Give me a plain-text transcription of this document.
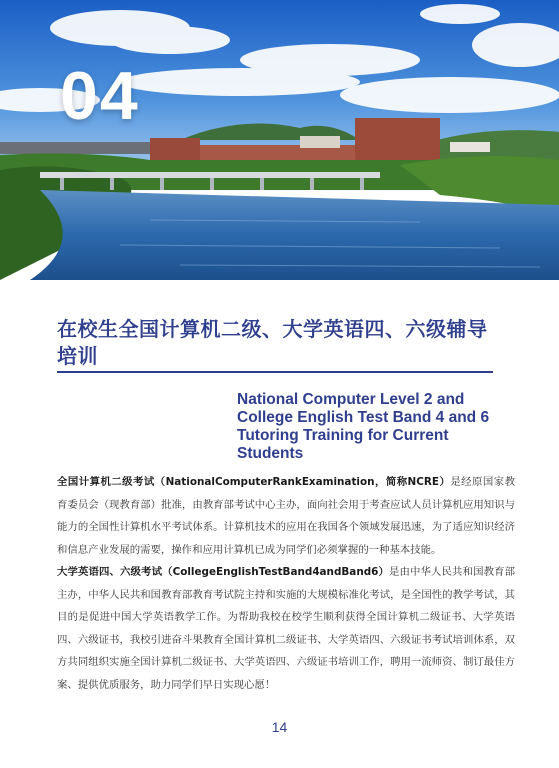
04
在校生全国计算机二级、大学英语四、六级辅导培训
National Computer Level 2 and College English Test Band 4 and 6 Tutoring Training for Current Students

全国计算机二级考试（NationalComputerRankExamination，简称NCRE）是经原国家教育委员会（现教育部）批准，由教育部考试中心主办，面向社会用于考查应试人员计算机应用知识与能力的全国性计算机水平考试体系。计算机技术的应用在我国各个领域发展迅速，为了适应知识经济和信息产业发展的需要，操作和应用计算机已成为同学们必须掌握的一种基本技能。

大学英语四、六级考试（CollegeEnglishTestBand4andBand6）是由中华人民共和国教育部主办，中华人民共和国教育部教育考试院主持和实施的大规模标准化考试，是全国性的教学考试，其目的是促进中国大学英语教学工作。为帮助我校在校学生顺利获得全国计算机二级证书、大学英语四、六级证书，我校引进奋斗果教育全国计算机二级证书、大学英语四、六级证书考试培训体系，双方共同组织实施全国计算机二级证书、大学英语四、六级证书培训工作，聘用一流师资、制订最佳方案、提供优质服务，助力同学们早日实现心愿！

14
